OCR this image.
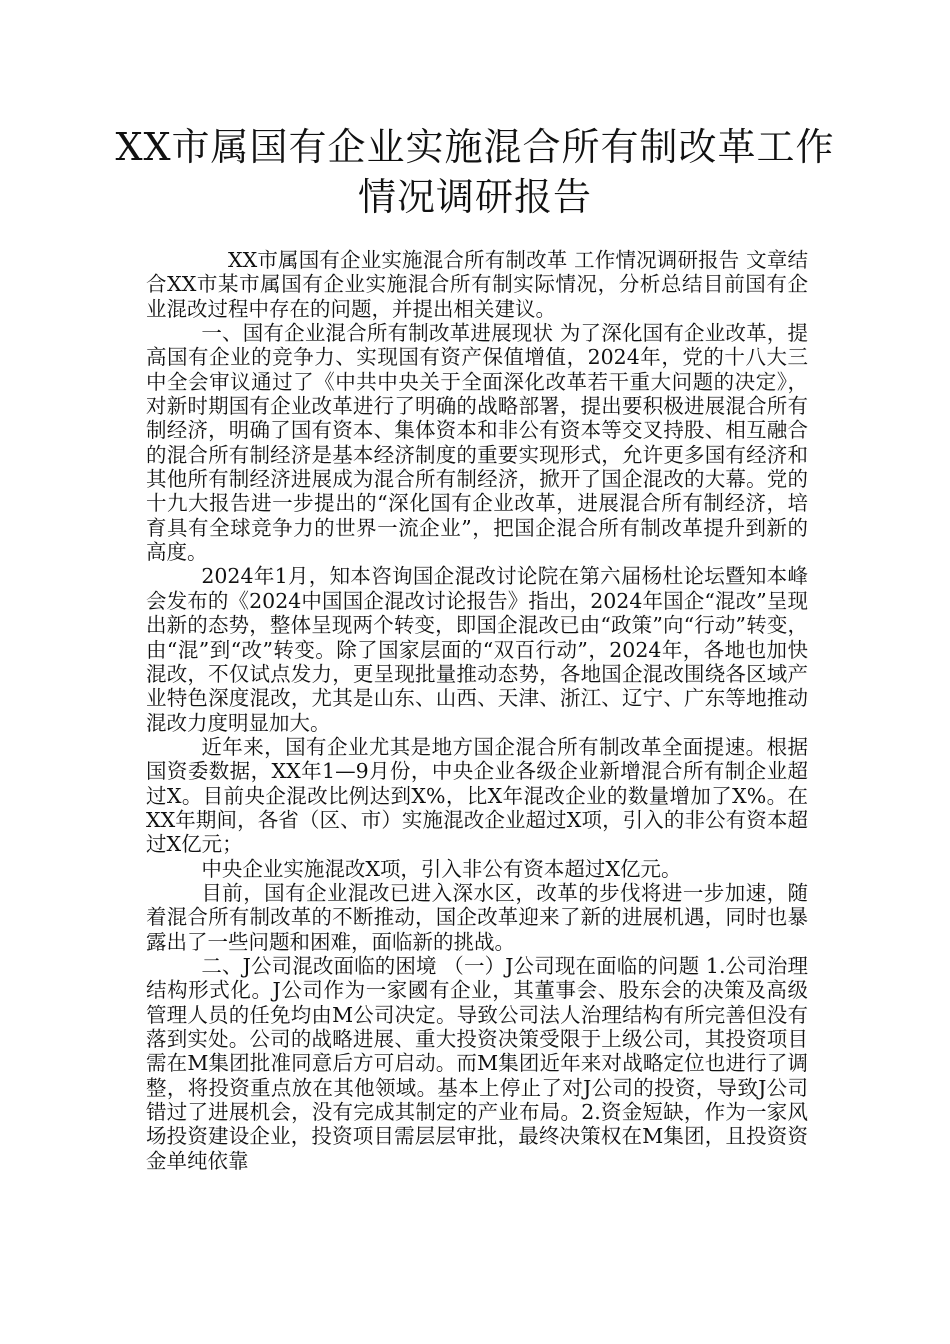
XX市属国有企业实施混合所有制改革工作
情况调研报告

XX市属国有企业实施混合所有制改革 工作情况调研报告 文章结合XX市某市属国有企业实施混合所有制实际情况，分析总结目前国有企业混改过程中存在的问题，并提出相关建议。

一、国有企业混合所有制改革进展现状 为了深化国有企业改革，提高国有企业的竞争力、实现国有资产保值增值，2024年，党的十八大三中全会审议通过了《中共中央关于全面深化改革若干重大问题的决定》，对新时期国有企业改革进行了明确的战略部署，提出要积极进展混合所有制经济，明确了国有资本、集体资本和非公有资本等交叉持股、相互融合的混合所有制经济是基本经济制度的重要实现形式，允许更多国有经济和其他所有制经济进展成为混合所有制经济，掀开了国企混改的大幕。党的十九大报告进一步提出的“深化国有企业改革，进展混合所有制经济，培育具有全球竞争力的世界一流企业”，把国企混合所有制改革提升到新的高度。

2024年1月，知本咨询国企混改讨论院在第六届杨杜论坛暨知本峰会发布的《2024中国国企混改讨论报告》指出，2024年国企“混改”呈现出新的态势，整体呈现两个转变，即国企混改已由“政策”向“行动”转变，由“混”到“改”转变。除了国家层面的“双百行动”，2024年，各地也加快混改，不仅试点发力，更呈现批量推动态势，各地国企混改围绕各区域产业特色深度混改，尤其是山东、山西、天津、浙江、辽宁、广东等地推动混改力度明显加大。

近年来，国有企业尤其是地方国企混合所有制改革全面提速。根据国资委数据，XX年1—9月份，中央企业各级企业新增混合所有制企业超过X。目前央企混改比例达到X%，比X年混改企业的数量增加了X%。在XX年期间，各省（区、市）实施混改企业超过X项，引入的非公有资本超过X亿元；

中央企业实施混改X项，引入非公有资本超过X亿元。

目前，国有企业混改已进入深水区，改革的步伐将进一步加速，随着混合所有制改革的不断推动，国企改革迎来了新的进展机遇，同时也暴露出了一些问题和困难，面临新的挑战。

二、J公司混改面临的困境 （一）J公司现在面临的问题 1.公司治理结构形式化。J公司作为一家國有企业，其董事会、股东会的决策及高级管理人员的任免均由M公司决定。导致公司法人治理结构有所完善但没有落到实处。公司的战略进展、重大投资决策受限于上级公司，其投资项目需在M集团批准同意后方可启动。而M集团近年来对战略定位也进行了调整，将投资重点放在其他领域。基本上停止了对J公司的投资，导致J公司错过了进展机会，没有完成其制定的产业布局。2.资金短缺，作为一家风场投资建设企业，投资项目需层层审批，最终决策权在M集团，且投资资金单纯依靠
